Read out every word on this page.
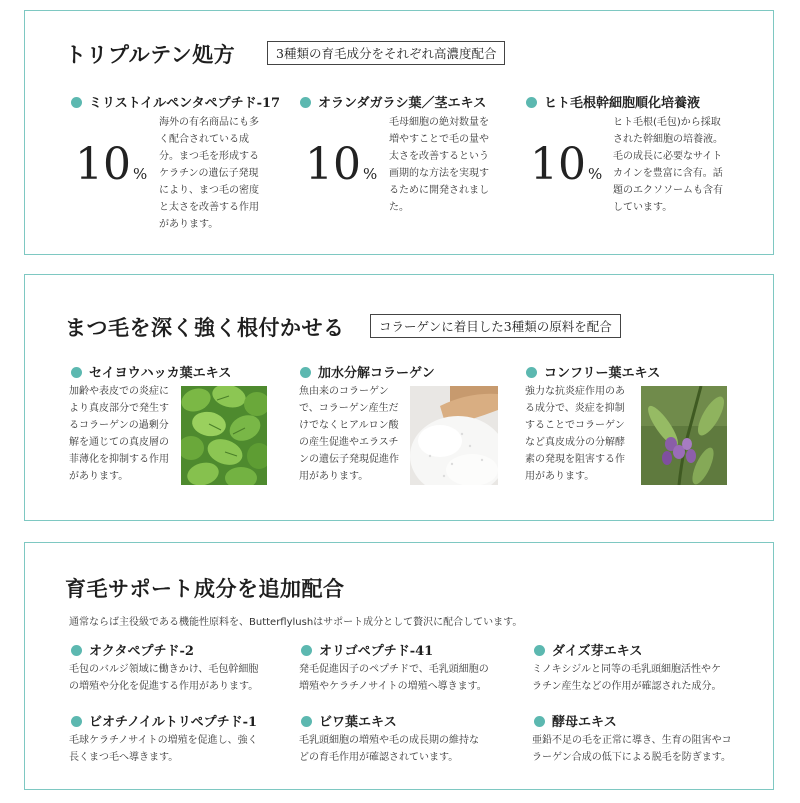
トリプルテン処方	3種類の育毛成分をそれぞれ高濃度配合
ミリストイルペンタペプチド-17
10 %

海外の有名商品にも多

く配合されている成

分。まつ毛を形成する

ケラチンの遺伝子発現

により、まつ毛の密度

と太さを改善する作用

があります。

オランダガラシ葉／茎エキス
10 %

毛母細胞の絶対数量を

増やすことで毛の量や

太さを改善するという

画期的な方法を実現す

るために開発されまし

た。

ヒト毛根幹細胞順化培養液
10 %

ヒト毛根(毛包)から採取

された幹細胞の培養液。

毛の成長に必要なサイト

カインを豊富に含有。話

題のエクソソームも含有

しています。

まつ毛を深く強く根付かせる	コラーゲンに着目した3種類の原料を配合
セイヨウハッカ葉エキス

加齢や表皮での炎症に

より真皮部分で発生す

るコラーゲンの過剰分

解を通じての真皮層の

菲薄化を抑制する作用

があります。

加水分解コラーゲン

魚由来のコラーゲン

で、コラーゲン産生だ

けでなくヒアルロン酸

の産生促進やエラスチ

ンの遺伝子発現促進作

用があります。

コンフリー葉エキス

強力な抗炎症作用のあ

る成分で、炎症を抑制

することでコラーゲン

など真皮成分の分解酵

素の発現を阻害する作

用があります。

育毛サポート成分を追加配合
通常ならば主役級である機能性原料を、Butterflylushはサポート成分として贅沢に配合しています。
オクタペプチド-2

毛包のバルジ領域に働きかけ、毛包幹細胞

の増殖や分化を促進する作用があります。

オリゴペプチド-41

発毛促進因子のペプチドで、毛乳頭細胞の

増殖やケラチノサイトの増殖へ導きます。

ダイズ芽エキス

ミノキシジルと同等の毛乳頭細胞活性やケ

ラチン産生などの作用が確認された成分。

ビオチノイルトリペプチド-1

毛球ケラチノサイトの増殖を促進し、強く

長くまつ毛へ導きます。

ビワ葉エキス

毛乳頭細胞の増殖や毛の成長期の維持な

どの育毛作用が確認されています。

酵母エキス

亜鉛不足の毛を正常に導き、生育の阻害やコ

ラーゲン合成の低下による脱毛を防ぎます。
